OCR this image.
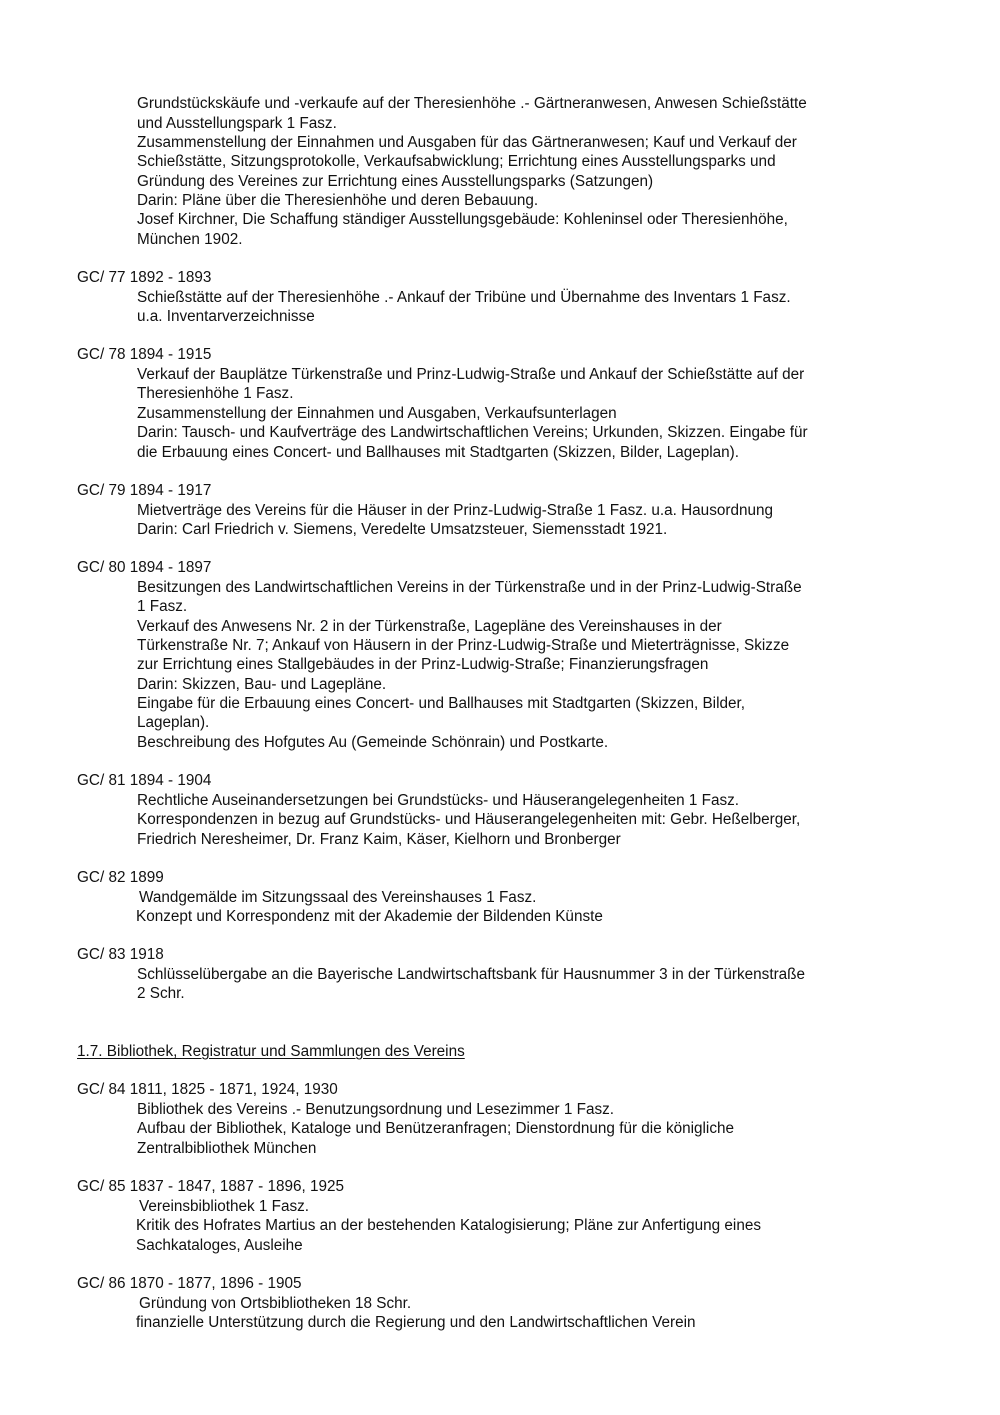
Grundstückskäufe und -verkaufe auf der Theresienhöhe .- Gärtneranwesen, Anwesen Schießstätte

und Ausstellungspark 1 Fasz.

Zusammenstellung der Einnahmen und Ausgaben für das Gärtneranwesen; Kauf und Verkauf der

Schießstätte, Sitzungsprotokolle, Verkaufsabwicklung; Errichtung eines Ausstellungsparks und

Gründung des Vereines zur Errichtung eines Ausstellungsparks (Satzungen)

Darin: Pläne über die Theresienhöhe und deren Bebauung.

Josef Kirchner, Die Schaffung ständiger Ausstellungsgebäude: Kohleninsel oder Theresienhöhe,

München 1902.

GC/ 77 1892 - 1893

Schießstätte auf der Theresienhöhe .- Ankauf der Tribüne und Übernahme des Inventars 1 Fasz.

u.a. Inventarverzeichnisse

GC/ 78 1894 - 1915

Verkauf der Bauplätze Türkenstraße und Prinz-Ludwig-Straße und Ankauf der Schießstätte auf der

Theresienhöhe 1 Fasz.

Zusammenstellung der Einnahmen und Ausgaben, Verkaufsunterlagen

Darin: Tausch- und Kaufverträge des Landwirtschaftlichen Vereins; Urkunden, Skizzen. Eingabe für

die Erbauung eines Concert- und Ballhauses mit Stadtgarten (Skizzen, Bilder, Lageplan).

GC/ 79 1894 - 1917

Mietverträge des Vereins für die Häuser in der Prinz-Ludwig-Straße 1 Fasz. u.a. Hausordnung

Darin: Carl Friedrich v. Siemens, Veredelte Umsatzsteuer, Siemensstadt 1921.

GC/ 80 1894 - 1897

Besitzungen des Landwirtschaftlichen Vereins in der Türkenstraße und in der Prinz-Ludwig-Straße

1 Fasz.

Verkauf des Anwesens Nr. 2 in der Türkenstraße, Lagepläne des Vereinshauses in der

Türkenstraße Nr. 7; Ankauf von Häusern in der Prinz-Ludwig-Straße und Mieterträgnisse, Skizze

zur Errichtung eines Stallgebäudes in der Prinz-Ludwig-Straße; Finanzierungsfragen

Darin: Skizzen, Bau- und Lagepläne.

Eingabe für die Erbauung eines Concert- und Ballhauses mit Stadtgarten (Skizzen, Bilder,

Lageplan).

Beschreibung des Hofgutes Au (Gemeinde Schönrain) und Postkarte.

GC/ 81 1894 - 1904

Rechtliche Auseinandersetzungen bei Grundstücks- und Häuserangelegenheiten 1 Fasz.

Korrespondenzen in bezug auf Grundstücks- und Häuserangelegenheiten mit: Gebr. Heßelberger,

Friedrich Neresheimer, Dr. Franz Kaim, Käser, Kielhorn und Bronberger

GC/ 82 1899

Wandgemälde im Sitzungssaal des Vereinshauses 1 Fasz.

Konzept und Korrespondenz mit der Akademie der Bildenden Künste

GC/ 83 1918

Schlüsselübergabe an die Bayerische Landwirtschaftsbank für Hausnummer 3 in der Türkenstraße

2 Schr.

1.7. Bibliothek, Registratur und Sammlungen des Vereins

GC/ 84 1811, 1825 - 1871, 1924, 1930

Bibliothek des Vereins .- Benutzungsordnung und Lesezimmer 1 Fasz.

Aufbau der Bibliothek, Kataloge und Benützeranfragen; Dienstordnung für die königliche

Zentralbibliothek München

GC/ 85 1837 - 1847, 1887 - 1896, 1925

Vereinsbibliothek 1 Fasz.

Kritik des Hofrates Martius an der bestehenden Katalogisierung; Pläne zur Anfertigung eines

Sachkataloges, Ausleihe

GC/ 86 1870 - 1877, 1896 - 1905

Gründung von Ortsbibliotheken 18 Schr.

finanzielle Unterstützung durch die Regierung und den Landwirtschaftlichen Verein
